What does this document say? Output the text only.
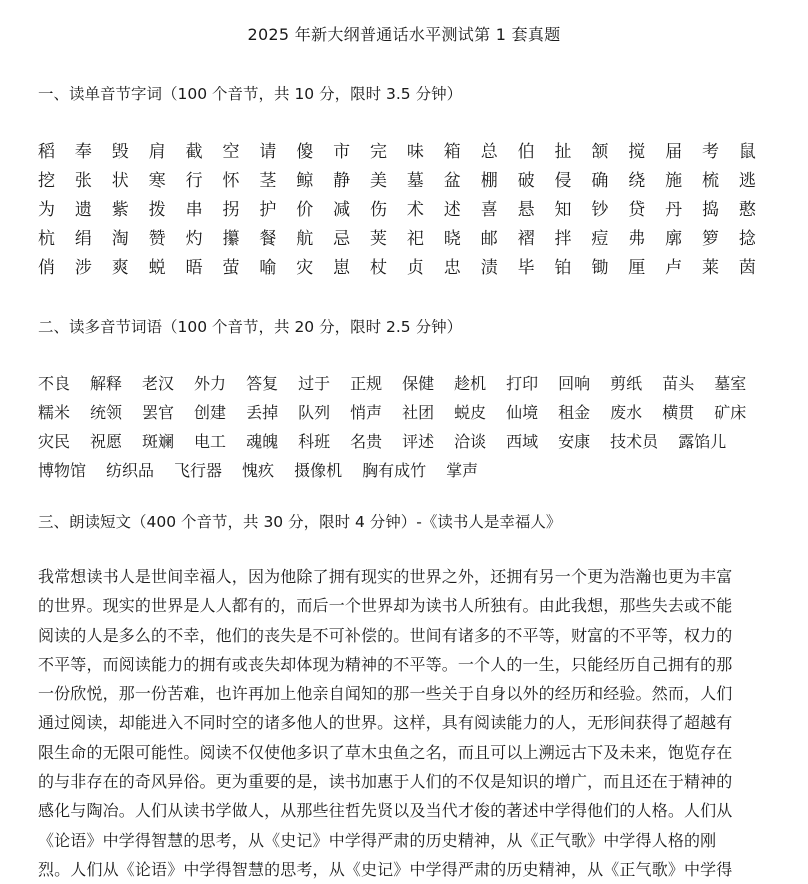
2025 年新大纲普通话水平测试第 1 套真题
一、读单音节字词（100 个音节，共 10 分，限时 3.5 分钟）
稻	奉	毁	肩	截	空	请	傻	市	完	味	箱	总	伯	扯	颔	搅	届	考	鼠
挖	张	状	寒	行	怀	茎	鲸	静	美	墓	盆	棚	破	侵	确	绕	施	梳	逃
为	遗	紫	拨	串	拐	护	价	减	伤	术	述	喜	悬	知	钞	贷	丹	捣	憨
杭	绢	淘	赞	灼	攥	餐	航	忌	荚	祀	晓	邮	褶	拌	痘	弗	廓	箩	捻
俏	涉	爽	蜕	晤	萤	喻	灾	崽	杖	贞	忠	渍	毕	铂	锄	厘	卢	莱	茵
二、读多音节词语（100 个音节，共 20 分，限时 2.5 分钟）
不良 解释 老汉 外力 答复 过于 正规 保健 趁机 打印 回响 剪纸 苗头 墓室
糯米 统领 罢官 创建 丢掉 队列 悄声 社团 蜕皮 仙境 租金 废水 横贯 矿床
灾民 祝愿 斑斓 电工 魂魄 科班 名贵 评述 洽谈 西域 安康 技术员 露馅儿
博物馆 纺织品 飞行器 愧疚 摄像机 胸有成竹 掌声
三、朗读短文（400 个音节，共 30 分，限时 4 分钟）-《读书人是幸福人》
我常想读书人是世间幸福人，因为他除了拥有现实的世界之外，还拥有另一个更为浩瀚也更为丰富
的世界。现实的世界是人人都有的，而后一个世界却为读书人所独有。由此我想，那些失去或不能
阅读的人是多么的不幸，他们的丧失是不可补偿的。世间有诸多的不平等，财富的不平等，权力的
不平等，而阅读能力的拥有或丧失却体现为精神的不平等。一个人的一生，只能经历自己拥有的那
一份欣悦，那一份苦难，也许再加上他亲自闻知的那一些关于自身以外的经历和经验。然而，人们
通过阅读，却能进入不同时空的诸多他人的世界。这样，具有阅读能力的人，无形间获得了超越有
限生命的无限可能性。阅读不仅使他多识了草木虫鱼之名，而且可以上溯远古下及未来，饱览存在
的与非存在的奇风异俗。更为重要的是，读书加惠于人们的不仅是知识的增广，而且还在于精神的
感化与陶冶。人们从读书学做人，从那些往哲先贤以及当代才俊的著述中学得他们的人格。人们从
《论语》中学得智慧的思考，从《史记》中学得严肃的历史精神，从《正气歌》中学得人格的刚
烈。人们从《论语》中学得智慧的思考，从《史记》中学得严肃的历史精神，从《正气歌》中学得
